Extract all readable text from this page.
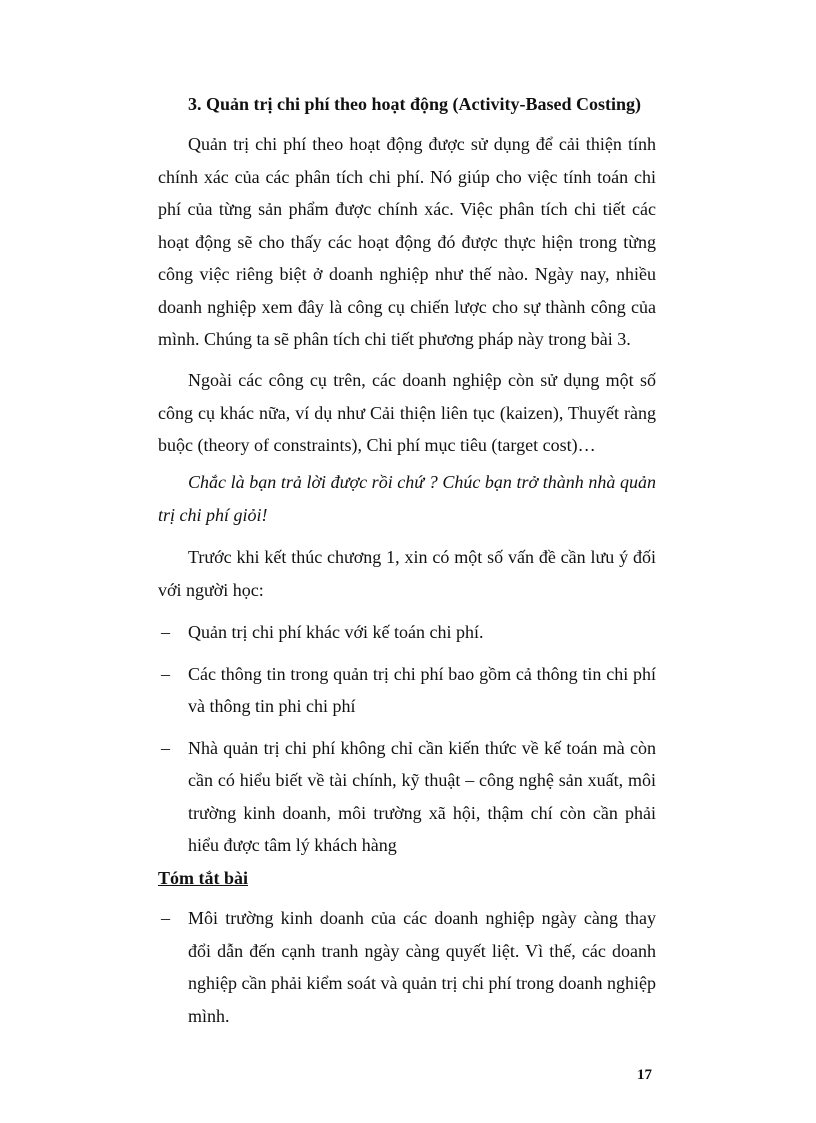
3. Quản trị chi phí theo hoạt động (Activity-Based Costing)

Quản trị chi phí theo hoạt động được sử dụng để cải thiện tính chính xác của các phân tích chi phí. Nó giúp cho việc tính toán chi phí của từng sản phẩm được chính xác. Việc phân tích chi tiết các hoạt động sẽ cho thấy các hoạt động đó được thực hiện trong từng công việc riêng biệt ở doanh nghiệp như thế nào. Ngày nay, nhiều doanh nghiệp xem đây là công cụ chiến lược cho sự thành công của mình. Chúng ta sẽ phân tích chi tiết phương pháp này trong bài 3.

Ngoài các công cụ trên, các doanh nghiệp còn sử dụng một số công cụ khác nữa, ví dụ như Cải thiện liên tục (kaizen), Thuyết ràng buộc (theory of constraints), Chi phí mục tiêu (target cost)…

Chắc là bạn trả lời được rồi chứ ? Chúc bạn trở thành nhà quản trị chi phí giỏi!

Trước khi kết thúc chương 1, xin có một số vấn đề cần lưu ý đối với người học:

– Quản trị chi phí khác với kế toán chi phí.
– Các thông tin trong quản trị chi phí bao gồm cả thông tin chi phí và thông tin phi chi phí
– Nhà quản trị chi phí không chỉ cần kiến thức về kế toán mà còn cần có hiểu biết về tài chính, kỹ thuật – công nghệ sản xuất, môi trường kinh doanh, môi trường xã hội, thậm chí còn cần phải hiểu được tâm lý khách hàng
Tóm tắt bài
– Môi trường kinh doanh của các doanh nghiệp ngày càng thay đổi dẫn đến cạnh tranh ngày càng quyết liệt. Vì thế, các doanh nghiệp cần phải kiểm soát và quản trị chi phí trong doanh nghiệp mình.
17
